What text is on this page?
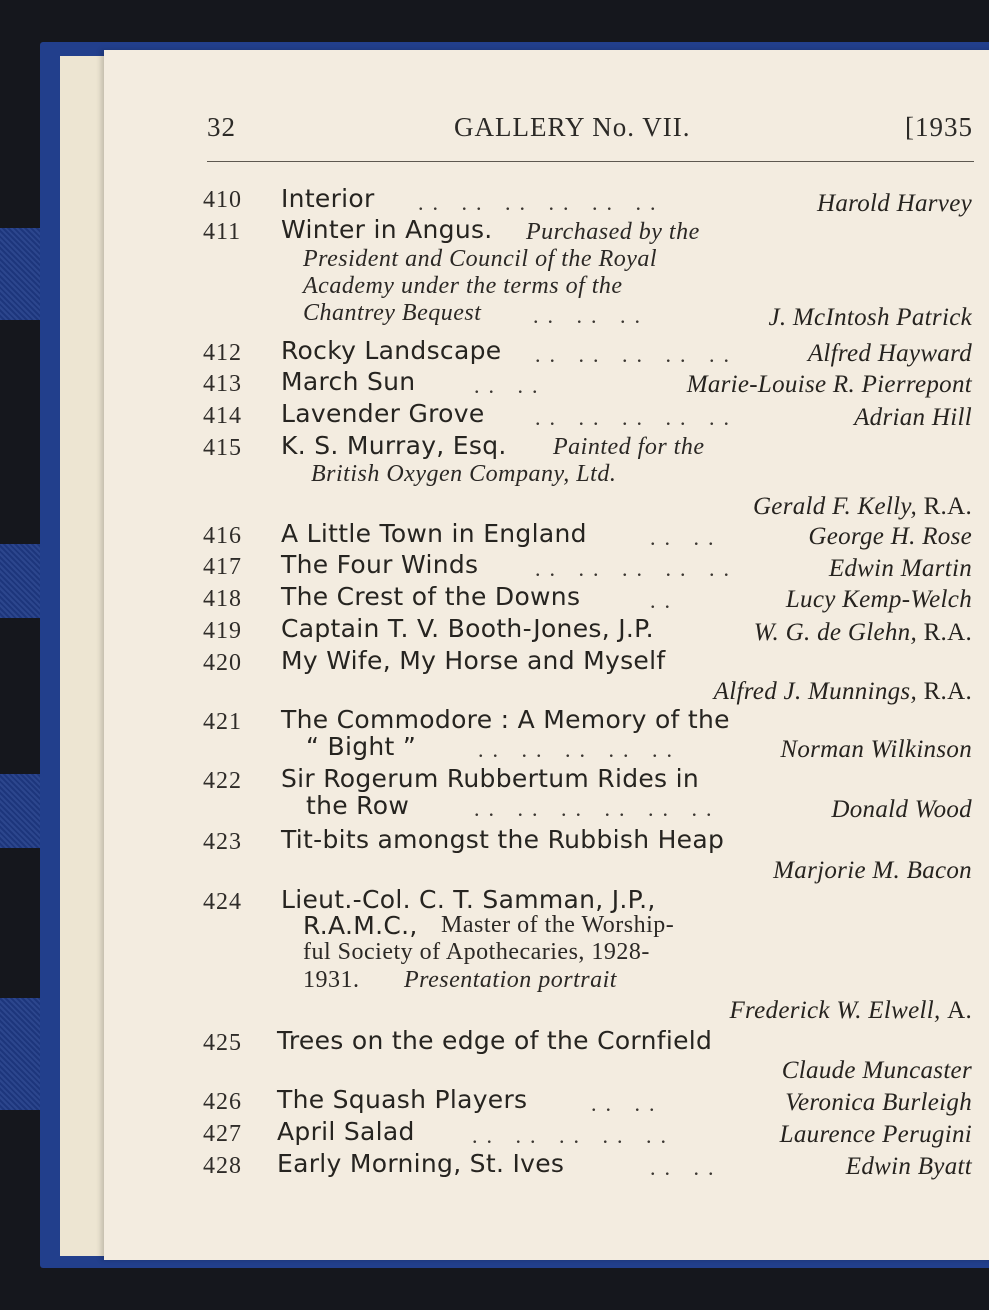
32	GALLERY No. VII.	[1935
410 Interior .. .. .. .. .. ..	Harold Harvey
411 Winter in Angus. Purchased by the
President and Council of the Royal
Academy under the terms of the
Chantrey Bequest .. .. ..	J. McIntosh Patrick
412 Rocky Landscape .. .. .. .. ..	Alfred Hayward
413 March Sun	.. ..	Marie-Louise R. Pierrepont
414 Lavender Grove .. .. .. .. ..	Adrian Hill
415 K. S. Murray, Esq. Painted for the
British Oxygen Company, Ltd.
Gerald F. Kelly, R.A.
416 A Little Town in England	.. ..	George H. Rose
417 The Four Winds	.. .. .. .. ..	Edwin Martin
418 The Crest of the Downs	..	Lucy Kemp-Welch
419 Captain T. V. Booth-Jones, J.P.	W. G. de Glehn, R.A.
420 My Wife, My Horse and Myself
Alfred J. Munnings, R.A.
421 The Commodore : A Memory of the
“ Bight ”	.. .. .. .. ..	Norman Wilkinson
422 Sir Rogerum Rubbertum Rides in
the Row	.. .. .. .. .. ..	Donald Wood
423 Tit-bits amongst the Rubbish Heap
Marjorie M. Bacon
424 Lieut.-Col. C. T. Samman, J.P.,
R.A.M.C., Master of the Worship-
ful Society of Apothecaries, 1928-
1931. Presentation portrait
Frederick W. Elwell, A.
425 Trees on the edge of the Cornfield
Claude Muncaster
426 The Squash Players	.. ..	Veronica Burleigh
427 April Salad	.. .. .. .. ..	Laurence Perugini
428 Early Morning, St. Ives	.. ..	Edwin Byatt
